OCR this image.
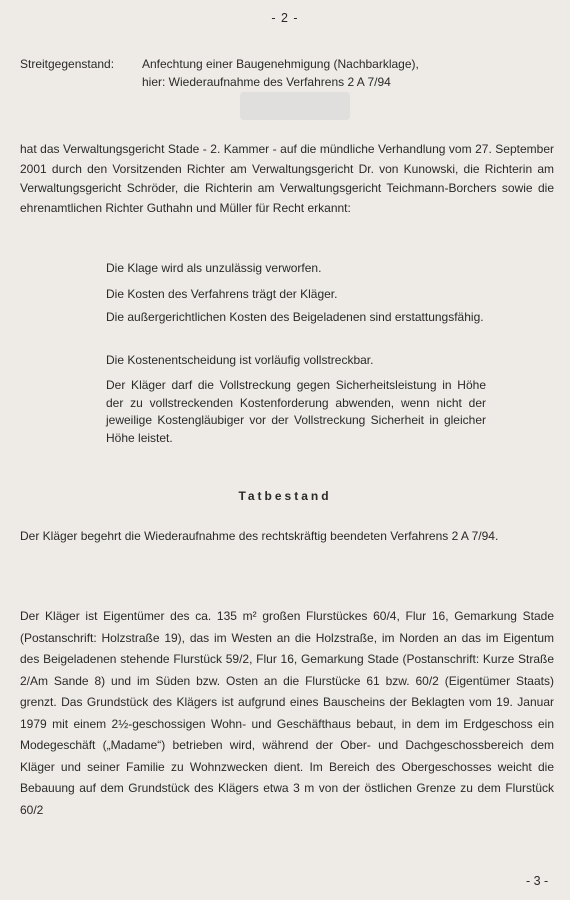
- 2 -
Streitgegenstand:	Anfechtung einer Baugenehmigung (Nachbarklage),
hier: Wiederaufnahme des Verfahrens 2 A 7/94
hat das Verwaltungsgericht Stade - 2. Kammer - auf die mündliche Verhandlung vom 27. September 2001 durch den Vorsitzenden Richter am Verwaltungsgericht Dr. von Kunowski, die Richterin am Verwaltungsgericht Schröder, die Richterin am Verwaltungsgericht Teichmann-Borchers sowie die ehrenamtlichen Richter Guthahn und Müller für Recht erkannt:

Die Klage wird als unzulässig verworfen.

Die Kosten des Verfahrens trägt der Kläger.

Die außergerichtlichen Kosten des Beigeladenen sind erstattungsfähig.

Die Kostenentscheidung ist vorläufig vollstreckbar.

Der Kläger darf die Vollstreckung gegen Sicherheitsleistung in Höhe der zu vollstreckenden Kostenforderung abwenden, wenn nicht der jeweilige Kostengläubiger vor der Vollstreckung Sicherheit in gleicher Höhe leistet.

Tatbestand
Der Kläger begehrt die Wiederaufnahme des rechtskräftig beendeten Verfahrens 2 A 7/94.
Der Kläger ist Eigentümer des ca. 135 m² großen Flurstückes 60/4, Flur 16, Gemarkung Stade (Postanschrift: Holzstraße 19), das im Westen an die Holzstraße, im Norden an das im Eigentum des Beigeladenen stehende Flurstück 59/2, Flur 16, Gemarkung Stade (Postanschrift: Kurze Straße 2/Am Sande 8) und im Süden bzw. Osten an die Flurstücke 61 bzw. 60/2 (Eigentümer Staats) grenzt. Das Grundstück des Klägers ist aufgrund eines Bauscheins der Beklagten vom 19. Januar 1979 mit einem 2½-geschossigen Wohn- und Geschäfthaus bebaut, in dem im Erdgeschoss ein Modegeschäft („Madame“) betrieben wird, während der Ober- und Dachgeschossbereich dem Kläger und seiner Familie zu Wohnzwecken dient. Im Bereich des Obergeschosses weicht die Bebauung auf dem Grundstück des Klägers etwa 3 m von der östlichen Grenze zu dem Flurstück 60/2
- 3 -
